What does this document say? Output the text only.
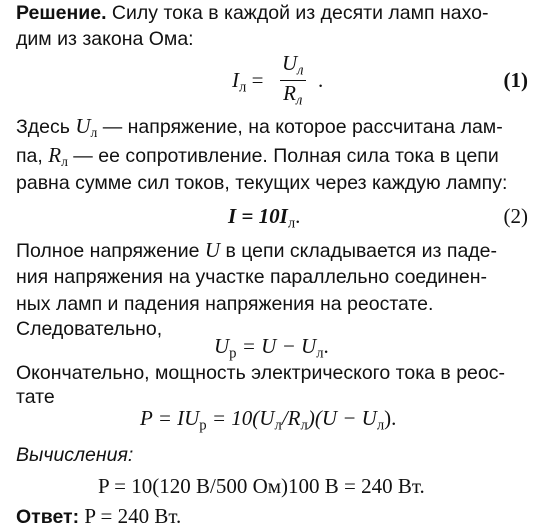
Решение. Силу тока в каждой из десяти ламп нахо-
дим из закона Ома:
$I_л$ =
$U_л$
$R_л$
.	(1)
Здесь $U_л$ — напряжение, на которое рассчитана лам-
па, $R_л$ — ее сопротивление. Полная сила тока в цепи
равна сумме сил токов, текущих через каждую лампу:
$I = 10I_л$.	(2)
Полное напряжение U в цепи складывается из паде-
ния напряжения на участке параллельно соединен-
ных ламп и падения напряжения на реостате.
Следовательно,
$U_р = U - U_л$.
Окончательно, мощность электрического тока в реос-
тате
$P = IU_р = 10(U_л/R_л)(U - U_л)$.
Вычисления:
P = 10(120 В/500 Ом)100 В = 240 Вт.
Ответ: P = 240 Вт.
